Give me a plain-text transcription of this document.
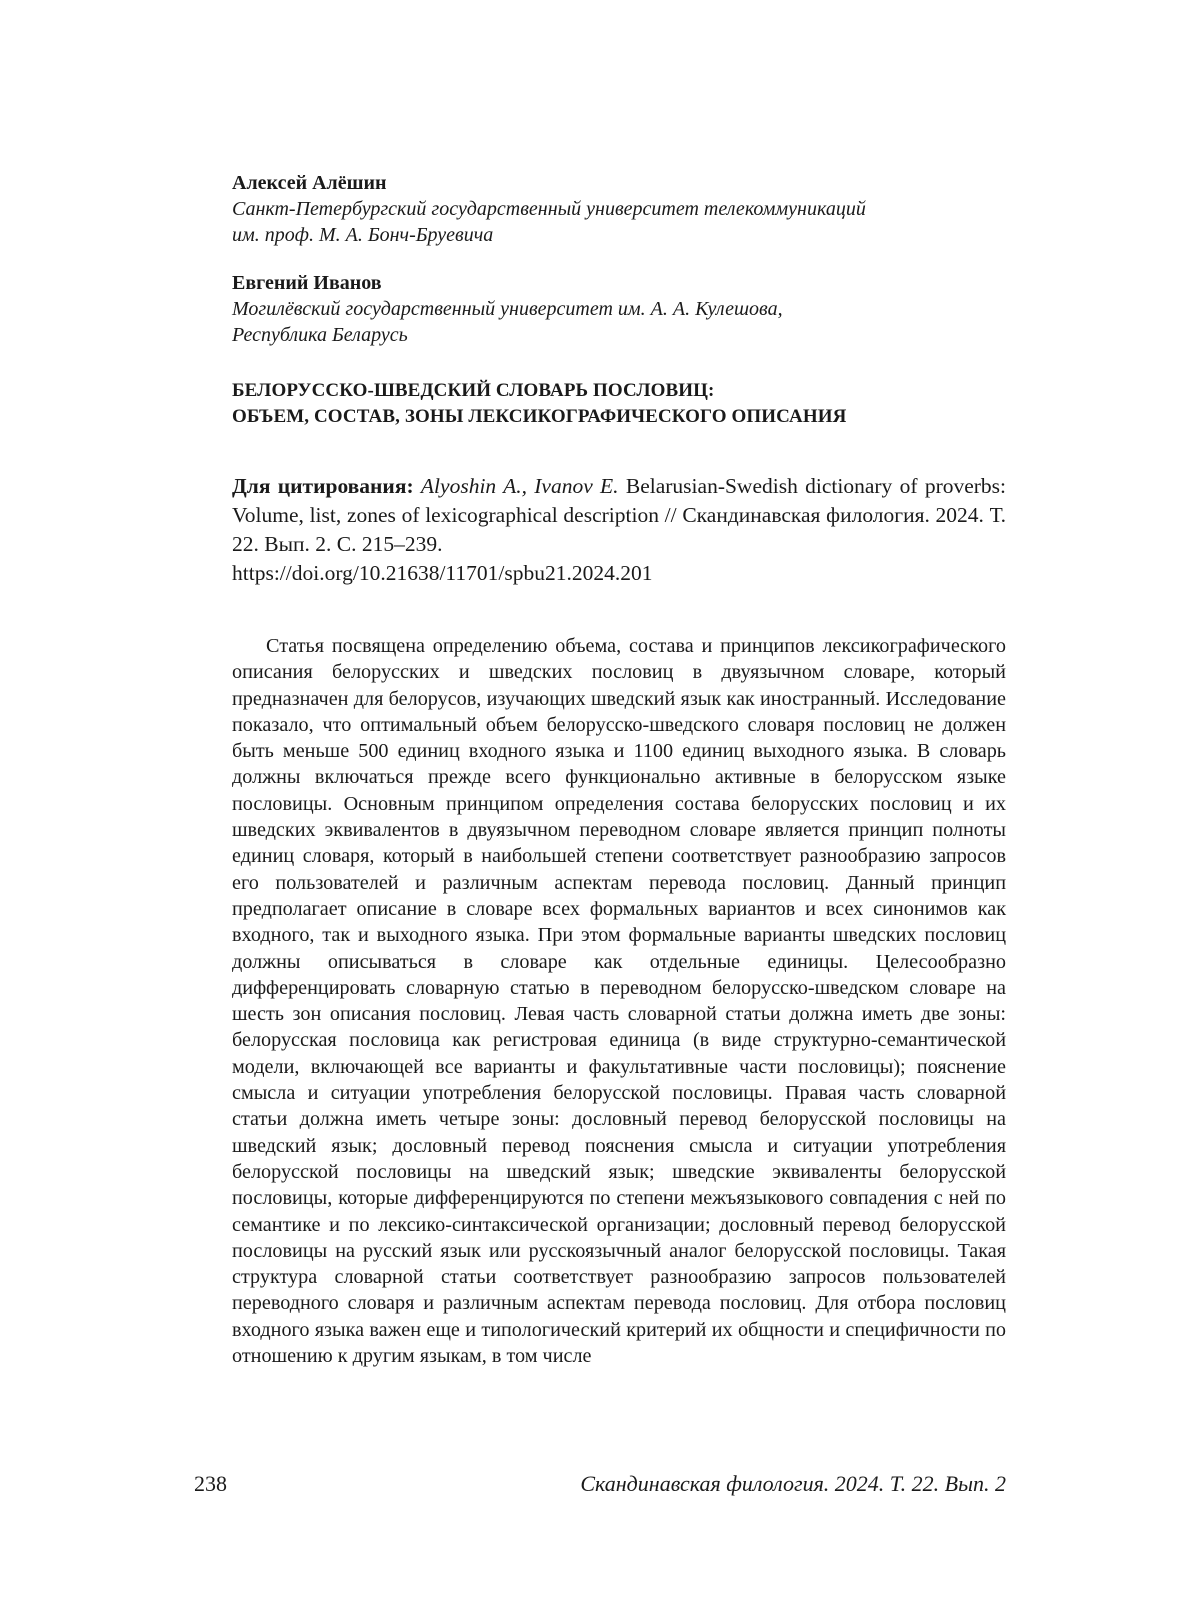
Алексей Алёшин

Санкт-Петербургский государственный университет телекоммуникаций

им. проф. М. А. Бонч-Бруевича

Евгений Иванов

Могилёвский государственный университет им. А. А. Кулешова,

Республика Беларусь

БЕЛОРУССКО-ШВЕДСКИЙ СЛОВАРЬ ПОСЛОВИЦ:
ОБЪЕМ, СОСТАВ, ЗОНЫ ЛЕКСИКОГРАФИЧЕСКОГО ОПИСАНИЯ
Для цитирования: Alyoshin A., Ivanov E. Belarusian-Swedish dictionary of proverbs: Volume, list, zones of lexicographical description // Скандинавская филология. 2024. Т. 22. Вып. 2. С. 215–239.
https://doi.org/10.21638/11701/spbu21.2024.201

Статья посвящена определению объема, состава и принципов лексикографического описания белорусских и шведских пословиц в двуязычном словаре, который предназначен для белорусов, изучающих шведский язык как иностранный. Исследование показало, что оптимальный объем белорусско-шведского словаря пословиц не должен быть меньше 500 единиц входного языка и 1100 единиц выходного языка. В словарь должны включаться прежде всего функционально активные в белорусском языке пословицы. Основным принципом определения состава белорусских пословиц и их шведских эквивалентов в двуязычном переводном словаре является принцип полноты единиц словаря, который в наибольшей степени соответствует разнообразию запросов его пользователей и различным аспектам перевода пословиц. Данный принцип предполагает описание в словаре всех формальных вариантов и всех синонимов как входного, так и выходного языка. При этом формальные варианты шведских пословиц должны описываться в словаре как отдельные единицы. Целесообразно дифференцировать словарную статью в переводном белорусско-шведском словаре на шесть зон описания пословиц. Левая часть словарной статьи должна иметь две зоны: белорусская пословица как регистровая единица (в виде структурно-семантической модели, включающей все варианты и факультативные части пословицы); пояснение смысла и ситуации употребления белорусской пословицы. Правая часть словарной статьи должна иметь четыре зоны: дословный перевод белорусской пословицы на шведский язык; дословный перевод пояснения смысла и ситуации употребления белорусской пословицы на шведский язык; шведские эквиваленты белорусской пословицы, которые дифференцируются по степени межъязыкового совпадения с ней по семантике и по лексико-синтаксической организации; дословный перевод белорусской пословицы на русский язык или русскоязычный аналог белорусской пословицы. Такая структура словарной статьи соответствует разнообразию запросов пользователей переводного словаря и различным аспектам перевода пословиц. Для отбора пословиц входного языка важен еще и типологический критерий их общности и специфичности по отношению к другим языкам, в том числе

238	Скандинавская филология. 2024. Т. 22. Вып. 2
